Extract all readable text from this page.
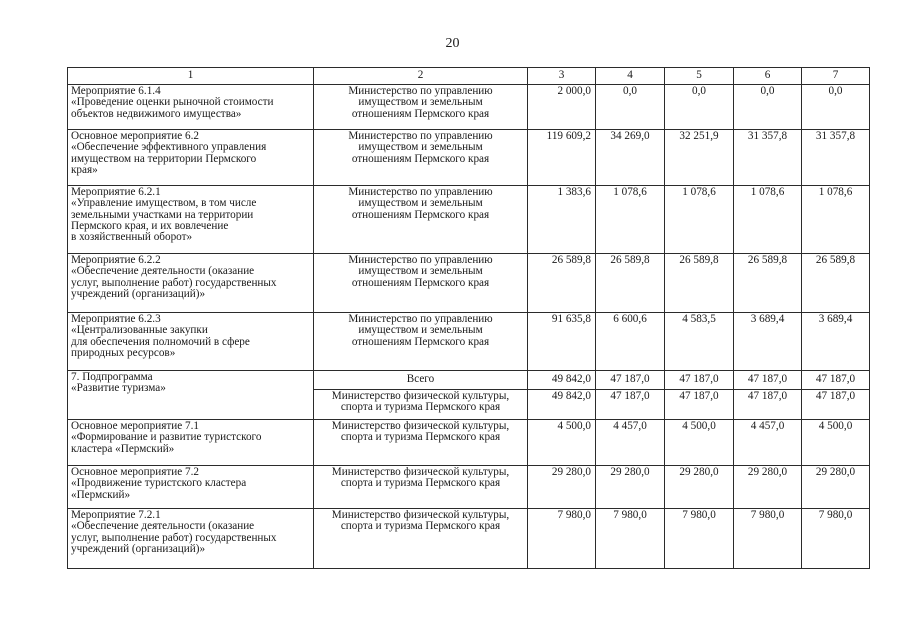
20
1	2	3	4	5	6	7
Мероприятие 6.1.4
«Проведение оценки рыночной стоимости
объектов недвижимого имущества»	Министерство по управлению
имуществом и земельным
отношениям Пермского края	2 000,0	0,0	0,0	0,0	0,0
Основное мероприятие 6.2
«Обеспечение эффективного управления
имуществом на территории Пермского
края»	Министерство по управлению
имуществом и земельным
отношениям Пермского края	119 609,2	34 269,0	32 251,9	31 357,8	31 357,8
Мероприятие 6.2.1
«Управление имуществом, в том числе
земельными участками на территории
Пермского края, и их вовлечение
в хозяйственный оборот»	Министерство по управлению
имуществом и земельным
отношениям Пермского края	1 383,6	1 078,6	1 078,6	1 078,6	1 078,6
Мероприятие 6.2.2
«Обеспечение деятельности (оказание
услуг, выполнение работ) государственных
учреждений (организаций)»	Министерство по управлению
имуществом и земельным
отношениям Пермского края	26 589,8	26 589,8	26 589,8	26 589,8	26 589,8
Мероприятие 6.2.3
«Централизованные закупки
для обеспечения полномочий в сфере
природных ресурсов»	Министерство по управлению
имуществом и земельным
отношениям Пермского края	91 635,8	6 600,6	4 583,5	3 689,4	3 689,4
7. Подпрограмма
«Развитие туризма»	Всего	49 842,0	47 187,0	47 187,0	47 187,0	47 187,0
	Министерство физической культуры,
спорта и туризма Пермского края	49 842,0	47 187,0	47 187,0	47 187,0	47 187,0
Основное мероприятие 7.1
«Формирование и развитие туристского
кластера «Пермский»	Министерство физической культуры,
спорта и туризма Пермского края	4 500,0	4 457,0	4 500,0	4 457,0	4 500,0
Основное мероприятие 7.2
«Продвижение туристского кластера
«Пермский»	Министерство физической культуры,
спорта и туризма Пермского края	29 280,0	29 280,0	29 280,0	29 280,0	29 280,0
Мероприятие 7.2.1
«Обеспечение деятельности (оказание
услуг, выполнение работ) государственных
учреждений (организаций)»	Министерство физической культуры,
спорта и туризма Пермского края	7 980,0	7 980,0	7 980,0	7 980,0	7 980,0
